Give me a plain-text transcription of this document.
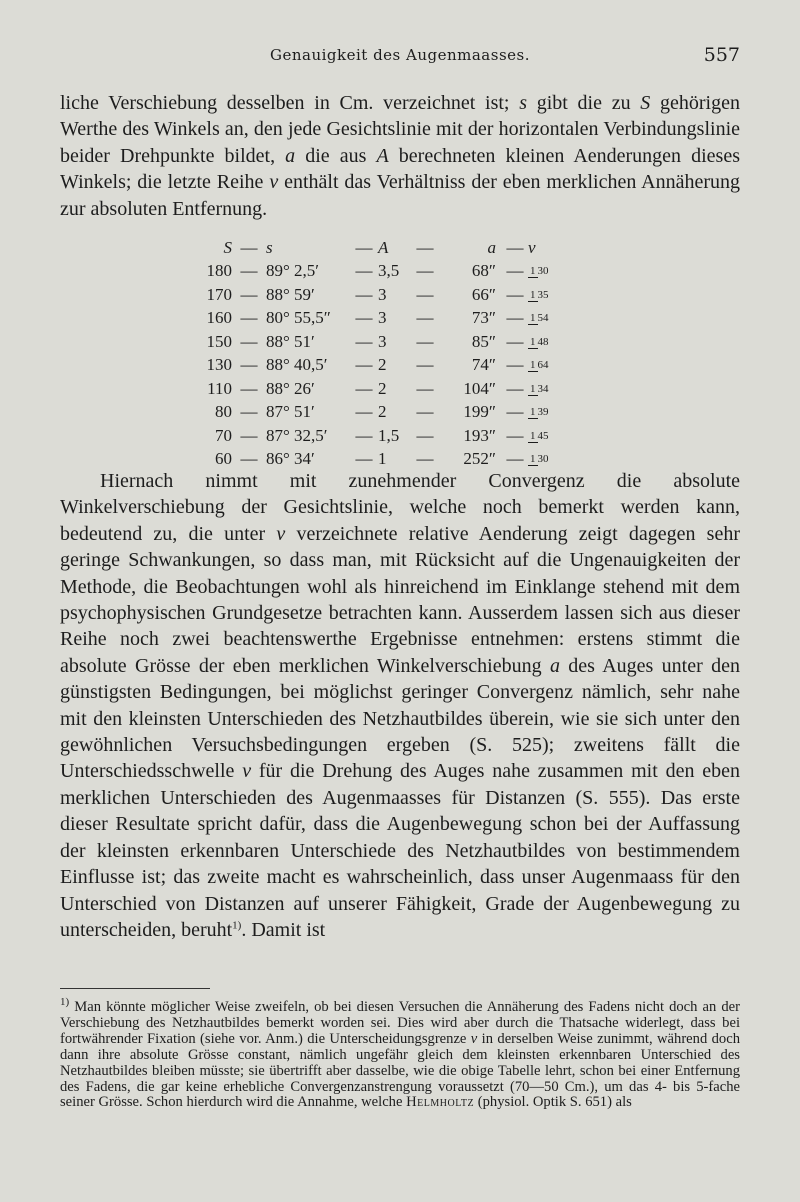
Genauigkeit des Augenmaasses.	557

liche Verschiebung desselben in Cm. verzeichnet ist; s gibt die zu S gehörigen Werthe des Winkels an, den jede Gesichtslinie mit der horizontalen Verbindungslinie beider Drehpunkte bildet, a die aus A berechneten kleinen Aenderungen dieses Winkels; die letzte Reihe v enthält das Verhältniss der eben merklichen Annäherung zur absoluten Entfernung.

S — s	— A	—	a — v
180 — 89° 2,5′	— 3,5	—	68″ — 1 30
170 — 88° 59′	— 3	—	66″ — 1 35
160 — 80° 55,5″	— 3	—	73″ — 1 54
150 — 88° 51′	— 3	—	85″ — 1 48
130 — 88° 40,5′	— 2	—	74″ — 1 64
110 — 88° 26′	— 2	—	104″ — 1 34
80 — 87° 51′	— 2	—	199″ — 1 39
70 — 87° 32,5′	— 1,5	—	193″ — 1 45
60 — 86° 34′	— 1	—	252″ — 1 30

Hiernach nimmt mit zunehmender Convergenz die absolute Winkelverschiebung der Gesichtslinie, welche noch bemerkt werden kann, bedeutend zu, die unter v verzeichnete relative Aenderung zeigt dagegen sehr geringe Schwankungen, so dass man, mit Rücksicht auf die Ungenauigkeiten der Methode, die Beobachtungen wohl als hinreichend im Einklange stehend mit dem psychophysischen Grundgesetze betrachten kann. Ausserdem lassen sich aus dieser Reihe noch zwei beachtenswerthe Ergebnisse entnehmen: erstens stimmt die absolute Grösse der eben merklichen Winkelverschiebung a des Auges unter den günstigsten Bedingungen, bei möglichst geringer Convergenz nämlich, sehr nahe mit den kleinsten Unterschieden des Netzhautbildes überein, wie sie sich unter den gewöhnlichen Versuchsbedingungen ergeben (S. 525); zweitens fällt die Unterschiedsschwelle v für die Drehung des Auges nahe zusammen mit den eben merklichen Unterschieden des Augenmaasses für Distanzen (S. 555). Das erste dieser Resultate spricht dafür, dass die Augenbewegung schon bei der Auffassung der kleinsten erkennbaren Unterschiede des Netzhautbildes von bestimmendem Einflusse ist; das zweite macht es wahrscheinlich, dass unser Augenmaass für den Unterschied von Distanzen auf unserer Fähigkeit, Grade der Augenbewegung zu unterscheiden, beruht$^{1)}$. Damit ist

$^{1)}$ Man könnte möglicher Weise zweifeln, ob bei diesen Versuchen die Annäherung des Fadens nicht doch an der Verschiebung des Netzhautbildes bemerkt worden sei. Dies wird aber durch die Thatsache widerlegt, dass bei fortwährender Fixation (siehe vor. Anm.) die Unterscheidungsgrenze v in derselben Weise zunimmt, während doch dann ihre absolute Grösse constant, nämlich ungefähr gleich dem kleinsten erkennbaren Unterschied des Netzhautbildes bleiben müsste; sie übertrifft aber dasselbe, wie die obige Tabelle lehrt, schon bei einer Entfernung des Fadens, die gar keine erhebliche Convergenzanstrengung voraussetzt (70—50 Cm.), um das 4- bis 5-fache seiner Grösse. Schon hierdurch wird die Annahme, welche Helmholtz (physiol. Optik S. 651) als
